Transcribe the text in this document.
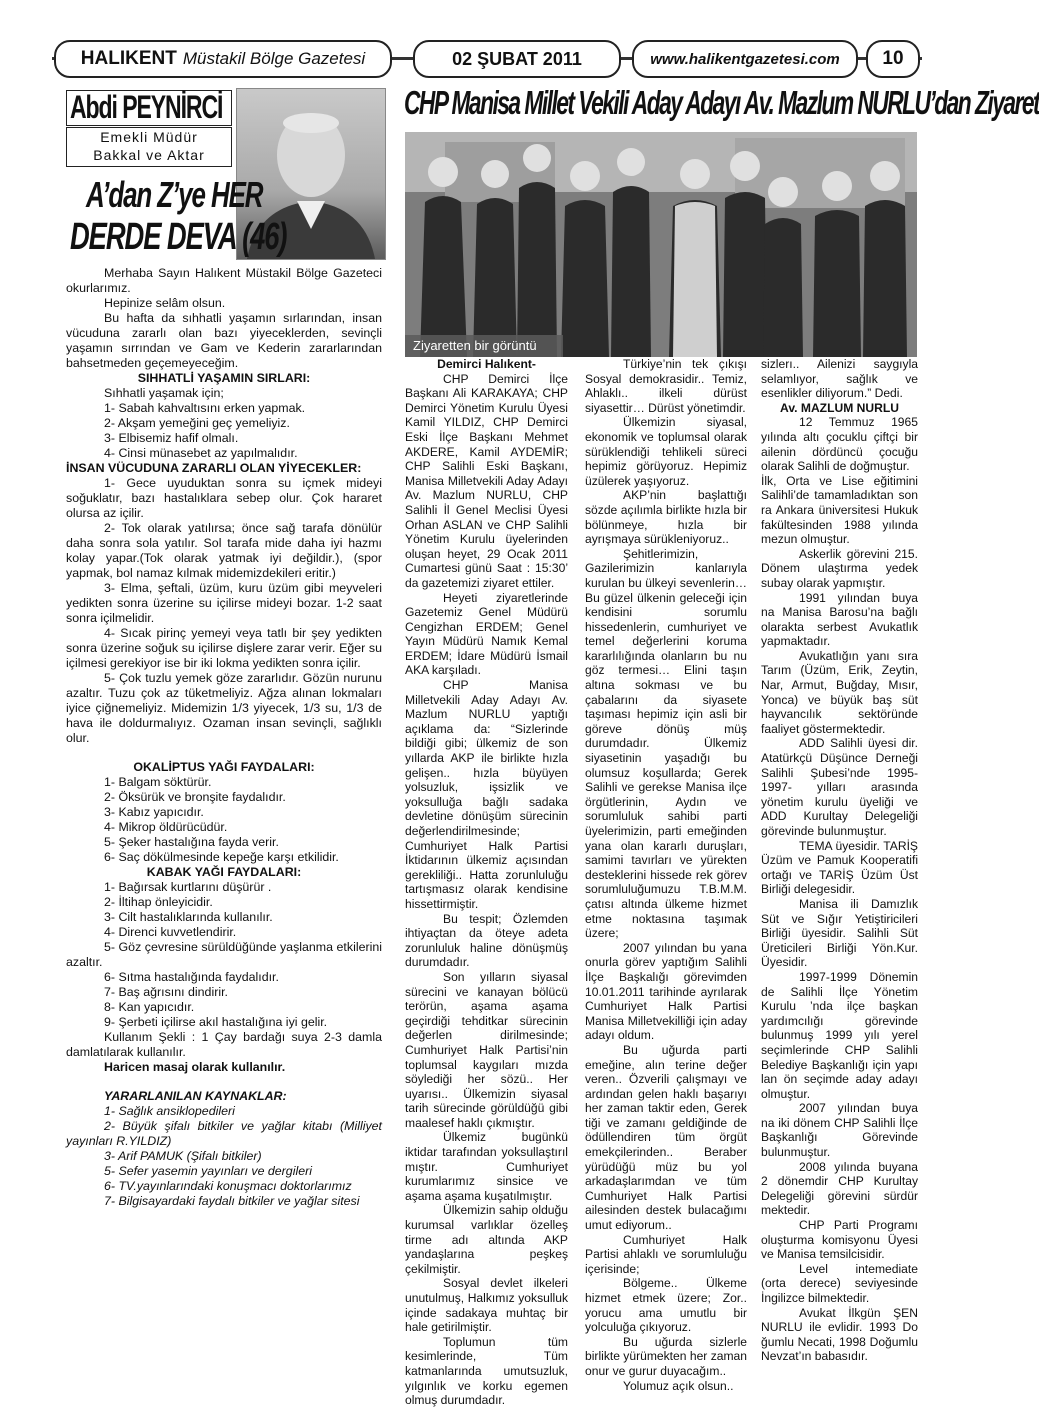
HALIKENT Müstakil Bölge Gazetesi	02 ŞUBAT 2011	www.halikentgazetesi.com 10
Abdi PEYNİRCİ
Emekli Müdür
Bakkal ve Aktar
A’dan Z’ye HER
DERDE DEVA (46)

Merhaba Sayın Halıkent Müstakil Bölge Gazeteci okurlarımız.

Hepinize selâm olsun.

Bu hafta da sıhhatli yaşamın sırlarından, insan vücuduna zararlı olan bazı yiyeceklerden, sevinçli yaşamın sırrından ve Gam ve Kederin zararlarından bahsetmeden geçemeyeceğim.

SIHHATLİ YAŞAMIN SIRLARI:

Sıhhatli yaşamak için;

1- Sabah kahvaltısını erken yapmak.

2- Akşam yemeğini geç yemeliyiz.

3- Elbisemiz hafif olmalı.

4- Cinsi münasebet az yapılmalıdır.

İNSAN VÜCUDUNA ZARARLI OLAN YİYECEKLER:

1- Gece uyuduktan sonra su içmek mideyi soğuklatır, bazı hastalıklara sebep olur. Çok hararet olursa az içilir.

2- Tok olarak yatılırsa; önce sağ tarafa dönülür daha sonra sola yatılır. Sol tarafa mide daha iyi hazmı kolay yapar.(Tok olarak yatmak iyi değildir.), (spor yapmak, bol namaz kılmak midemizdekileri eritir.)

3- Elma, şeftali, üzüm, kuru üzüm gibi meyveleri yedikten sonra üzerine su içilirse mideyi bozar. 1-2 saat sonra içilmelidir.

4- Sıcak pirinç yemeyi veya tatlı bir şey yedikten sonra üzerine soğuk su içilirse dişlere zarar verir. Eğer su içilmesi gerekiyor ise bir iki lokma yedikten sonra içilir.

5- Çok tuzlu yemek göze zararlıdır. Gözün nurunu azaltır. Tuzu çok az tüketmeliyiz. Ağza alınan lokmaları iyice çiğnemeliyiz. Midemizin 1/3 yiyecek, 1/3 su, 1/3 de hava ile doldurmalıyız. Ozaman insan sevinçli, sağlıklı olur.

OKALİPTUS YAĞI FAYDALARI:

1- Balgam söktürür.

2- Öksürük ve bronşite faydalıdır.

3- Kabız yapıcıdır.

4- Mikrop öldürücüdür.

5- Şeker hastalığına fayda verir.

6- Saç dökülmesinde kepeğe karşı etkilidir.

KABAK YAĞI FAYDALARI:

1- Bağırsak kurtlarını düşürür .

2- İltihap önleyicidir.

3- Cilt hastalıklarında kullanılır.

4- Direnci kuvvetlendirir.

5- Göz çevresine sürüldüğünde yaşlanma etkilerini azaltır.

6- Sıtma hastalığında faydalıdır.

7- Baş ağrısını dindirir.

8- Kan yapıcıdır.

9- Şerbeti içilirse akıl hastalığına iyi gelir.

Kullanım Şekli : 1 Çay bardağı suya 2-3 damla damlatılarak kullanılır.

Haricen masaj olarak kullanılır.

YARARLANILAN KAYNAKLAR:

1- Sağlık ansiklopedileri

2- Büyük şifalı bitkiler ve yağlar kitabı (Milliyet yayınları R.YILDIZ)

3- Arif PAMUK (Şifalı bitkiler)

5- Sefer yasemin yayınları ve dergileri

6- TV.yayınlarındaki konuşmacı doktorlarımız

7- Bilgisayardaki faydalı bitkiler ve yağlar sitesi

CHP Manisa Millet Vekili Aday Adayı Av. Mazlum NURLU’dan Ziyaret
Ziyaretten bir görüntü

Demirci Halıkent-

CHP Demirci İlçe Başkanı Ali KARAKAYA; CHP Demirci Yönetim Kurulu Üyesi Kamil YILDIZ, CHP Demirci Eski İlçe Başkanı Mehmet AKDERE, Kamil AYDEMİR; CHP Salihli Eski Başkanı, Manisa Milletvekili Aday Adayı Av. Mazlum NURLU, CHP Salihli İl Genel Meclisi Üyesi Orhan ASLAN ve CHP Salihli Yönetim Kurulu üyelerinden oluşan heyet, 29 Ocak 2011 Cumartesi günü Saat : 15:30’ da gazetemizi ziyaret ettiler.

Heyeti ziyaretlerinde Gazetemiz Genel Müdürü Cengizhan ERDEM; Genel Yayın Müdürü Namık Kemal ERDEM; İdare Müdürü İsmail AKA karşıladı.

CHP Manisa Milletvekili Aday Adayı Av. Mazlum NURLU yaptığı açıklama da: “Sizlerinde bildiği gibi; ülkemiz de son yıllarda AKP ile birlikte hızla gelişen.. hızla büyüyen yolsuzluk, işsizlik ve yoksulluğa bağlı sadaka devletine dönüşüm sürecinin değerlendirilmesinde; Cumhuriyet Halk Partisi İktidarının ülkemiz açısından gerekliliği.. Hatta zorunluluğu tartışmasız olarak kendisine hissettirmiştir.

Bu tespit; Özlemden ihtiyaçtan da öteye adeta zorunluluk haline dönüşmüş durumdadır.

Son yılların siyasal sürecini ve kanayan bölücü terörün, aşama aşama geçirdiği tehditkar sürecinin değerlen dirilmesinde; Cumhuriyet Halk Partisi’nin toplumsal kaygıları mızda söylediği her sözü.. Her uyarısı.. Ülkemizin siyasal tarih sürecinde görüldüğü gibi maalesef haklı çıkmıştır.

Ülkemiz bugünkü iktidar tarafından yoksullaştırıl mıştır. Cumhuriyet kurumlarımız sinsice ve aşama aşama kuşatılmıştır.

Ülkemizin sahip olduğu kurumsal varlıklar özelleş tirme adı altında AKP yandaşlarına peşkeş çekilmiştir.

Sosyal devlet ilkeleri unutulmuş, Halkımız yoksulluk içinde sadakaya muhtaç bir hale getirilmiştir.

Toplumun tüm kesimlerinde, Tüm katmanlarında umutsuzluk, yılgınlık ve korku egemen olmuş durumdadır.

Türkiye’nin tek çıkışı Sosyal demokrasidir.. Temiz, Ahlaklı.. ilkeli dürüst siyasettir… Dürüst yönetimdir.

Ülkemizin siyasal, ekonomik ve toplumsal olarak sürüklendiği tehlikeli süreci hepimiz görüyoruz. Hepimiz üzülerek yaşıyoruz.

AKP’nin başlattığı sözde açılımla birlikte hızla bir bölünmeye, hızla bir ayrışmaya sürükleniyoruz..

Şehitlerimizin, Gazilerimizin kanlarıyla kurulan bu ülkeyi sevenlerin… Bu güzel ülkenin geleceği için kendisini sorumlu hissedenlerin, cumhuriyet ve temel değerlerini koruma kararlılığında olanların bu nu göz termesi… Elini taşın altına sokması ve bu çabalarını da siyasete taşıması hepimiz için asli bir göreve dönüş müş durumdadır. Ülkemiz siyasetinin yaşadığı bu olumsuz koşullarda; Gerek Salihli ve gerekse Manisa ilçe örgütlerinin, Aydın ve sorumluluk sahibi parti üyelerimizin, parti emeğinden yana olan kararlı duruşları, samimi tavırları ve yürekten desteklerini hissede rek görev sorumluluğumuzu T.B.M.M. çatısı altında ülkeme hizmet etme noktasına taşımak üzere;

2007 yılından bu yana onurla görev yaptığım Salihli İlçe Başkalığı görevimden 10.01.2011 tarihinde ayrılarak Cumhuriyet Halk Partisi Manisa Milletvekilliği için aday adayı oldum.

Bu uğurda parti emeğine, alın terine değer veren.. Özverili çalışmayı ve ardından gelen haklı başarıyı her zaman taktir eden, Gerek tiği ve zamanı geldiğinde de ödüllendiren tüm örgüt emekçilerinden.. Beraber yürüdüğü müz bu yol arkadaşlarımdan ve tüm Cumhuriyet Halk Partisi ailesinden destek bulacağımı umut ediyorum..

Cumhuriyet Halk Partisi ahlaklı ve sorumluluğu içerisinde;

Bölgeme.. Ülkeme hizmet etmek üzere; Zor.. yorucu ama umutlu bir yolculuğa çıkıyoruz.

Bu uğurda sizlerle birlikte yürümekten her zaman onur ve gurur duyacağım..

Yolumuz açık olsun..

sizlerı.. Ailenizi saygıyla selamlıyor, sağlık ve esenlikler diliyorum.” Dedi.

Av. MAZLUM NURLU

12 Temmuz 1965 yılında altı çocuklu çiftçi bir ailenin dördüncü çocuğu olarak Salihli de doğmuştur.

İlk, Orta ve Lise eğitimini Salihli’de tamamladıktan son ra Ankara üniversitesi Hukuk fakültesinden 1988 yılında mezun olmuştur.

Askerlik görevini 215. Dönem ulaştırma yedek subay olarak yapmıştır.

1991 yılından buya na Manisa Barosu’na bağlı olarakta serbest Avukatlık yapmaktadır.

Avukatlığın yanı sıra Tarım (Üzüm, Erik, Zeytin, Nar, Armut, Buğday, Mısır, Yonca) ve büyük baş süt hayvancılık sektöründe faaliyet göstermektedir.

ADD Salihli üyesi dir. Atatürkçü Düşünce Derneği Salihli Şubesi’nde 1995-1997- yılları arasında yönetim kurulu üyeliği ve ADD Kurultay Delegeliği görevinde bulunmuştur.

TEMA üyesidir. TARİŞ Üzüm ve Pamuk Kooperatifi ortağı ve TARİŞ Üzüm Üst Birliği delegesidir.

Manisa ili Damızlık Süt ve Sığır Yetiştiricileri Birliği üyesidir. Salihli Süt Üreticileri Birliği Yön.Kur. Üyesidir.

1997-1999 Dönemin de Salihli İlçe Yönetim Kurulu ’nda ilçe başkan yardımcılığı görevinde bulunmuş 1999 yılı yerel seçimlerinde CHP Salihli Belediye Başkanlığı için yapı lan ön seçimde aday adayı olmuştur.

2007 yılından buya na iki dönem CHP Salihli İlçe Başkanlığı Görevinde bulunmuştur.

2008 yılında buyana 2 dönemdir CHP Kurultay Delegeliği görevini sürdür mektedir.

CHP Parti Programı oluşturma komisyonu Üyesi ve Manisa temsilcisidir.

Level intemediate (orta derece) seviyesinde İngilizce bilmektedir.

Avukat İlkgün ŞEN NURLU ile evlidir. 1993 Do ğumlu Necati, 1998 Doğumlu Nevzat’ın babasıdır.
